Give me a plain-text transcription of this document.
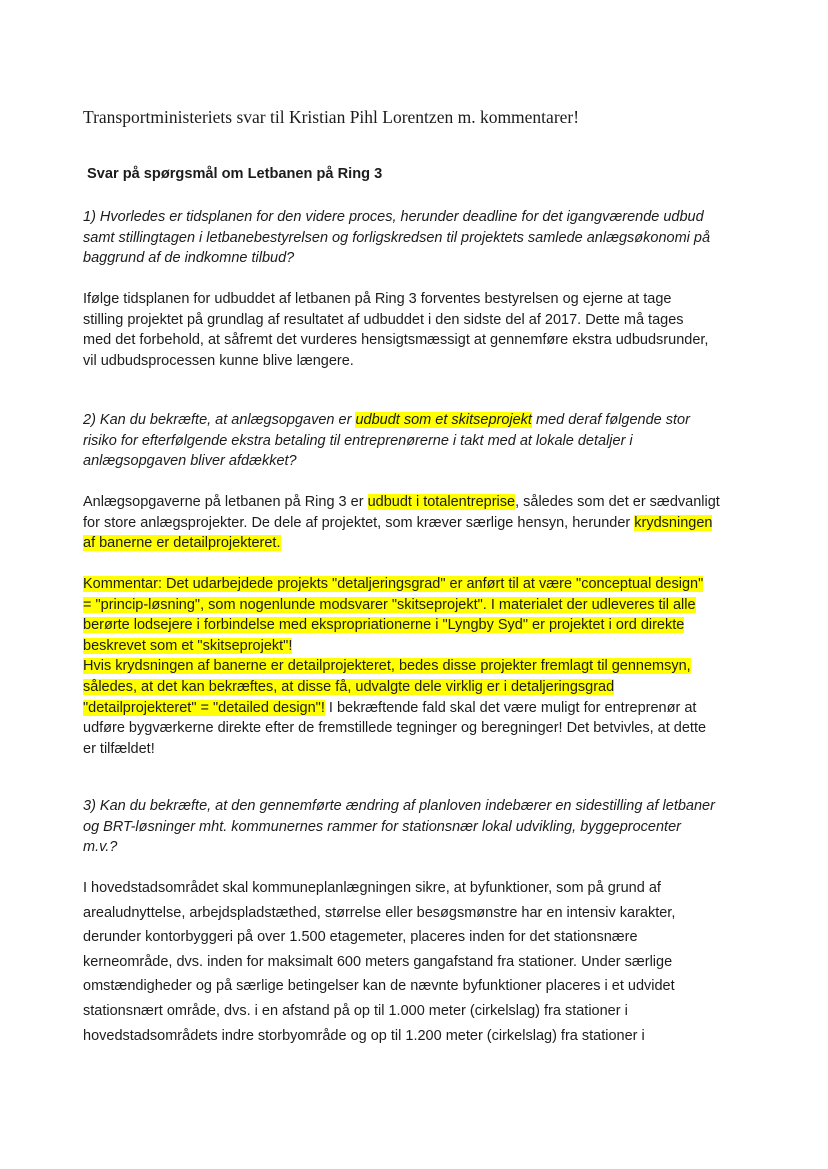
Transportministeriets svar til Kristian Pihl Lorentzen m. kommentarer!
Svar på spørgsmål om Letbanen på Ring 3
1) Hvorledes er tidsplanen for den videre proces, herunder deadline for det igangværende udbud
samt stillingtagen i letbanebestyrelsen og forligskredsen til projektets samlede anlægsøkonomi på
baggrund af de indkomne tilbud?
Ifølge tidsplanen for udbuddet af letbanen på Ring 3 forventes bestyrelsen og ejerne at tage
stilling projektet på grundlag af resultatet af udbuddet i den sidste del af 2017. Dette må tages
med det forbehold, at såfremt det vurderes hensigtsmæssigt at gennemføre ekstra udbudsrunder,
vil udbudsprocessen kunne blive længere.
2) Kan du bekræfte, at anlægsopgaven er udbudt som et skitseprojekt med deraf følgende stor
risiko for efterfølgende ekstra betaling til entreprenørerne i takt med at lokale detaljer i
anlægsopgaven bliver afdækket?
Anlægsopgaverne på letbanen på Ring 3 er udbudt i totalentreprise, således som det er sædvanligt
for store anlægsprojekter. De dele af projektet, som kræver særlige hensyn, herunder krydsningen
af banerne er detailprojekteret.
Kommentar: Det udarbejdede projekts "detaljeringsgrad" er anført til at være "conceptual design"
= "princip-løsning", som nogenlunde modsvarer "skitseprojekt". I materialet der udleveres til alle
berørte lodsejere i forbindelse med ekspropriationerne i "Lyngby Syd" er projektet i ord direkte
beskrevet som et "skitseprojekt"!
Hvis krydsningen af banerne er detailprojekteret, bedes disse projekter fremlagt til gennemsyn,
således, at det kan bekræftes, at disse få, udvalgte dele virklig er i detaljeringsgrad
"detailprojekteret" = "detailed design"! I bekræftende fald skal det være muligt for entreprenør at
udføre bygværkerne direkte efter de fremstillede tegninger og beregninger! Det betvivles, at dette
er tilfældet!
3) Kan du bekræfte, at den gennemførte ændring af planloven indebærer en sidestilling af letbaner
og BRT-løsninger mht. kommunernes rammer for stationsnær lokal udvikling, byggeprocenter
m.v.?
I hovedstadsområdet skal kommuneplanlægningen sikre, at byfunktioner, som på grund af
arealudnyttelse, arbejdspladstæthed, størrelse eller besøgsmønstre har en intensiv karakter,
derunder kontorbyggeri på over 1.500 etagemeter, placeres inden for det stationsnære
kerneområde, dvs. inden for maksimalt 600 meters gangafstand fra stationer. Under særlige
omstændigheder og på særlige betingelser kan de nævnte byfunktioner placeres i et udvidet
stationsnært område, dvs. i en afstand på op til 1.000 meter (cirkelslag) fra stationer i
hovedstadsområdets indre storbyområde og op til 1.200 meter (cirkelslag) fra stationer i
